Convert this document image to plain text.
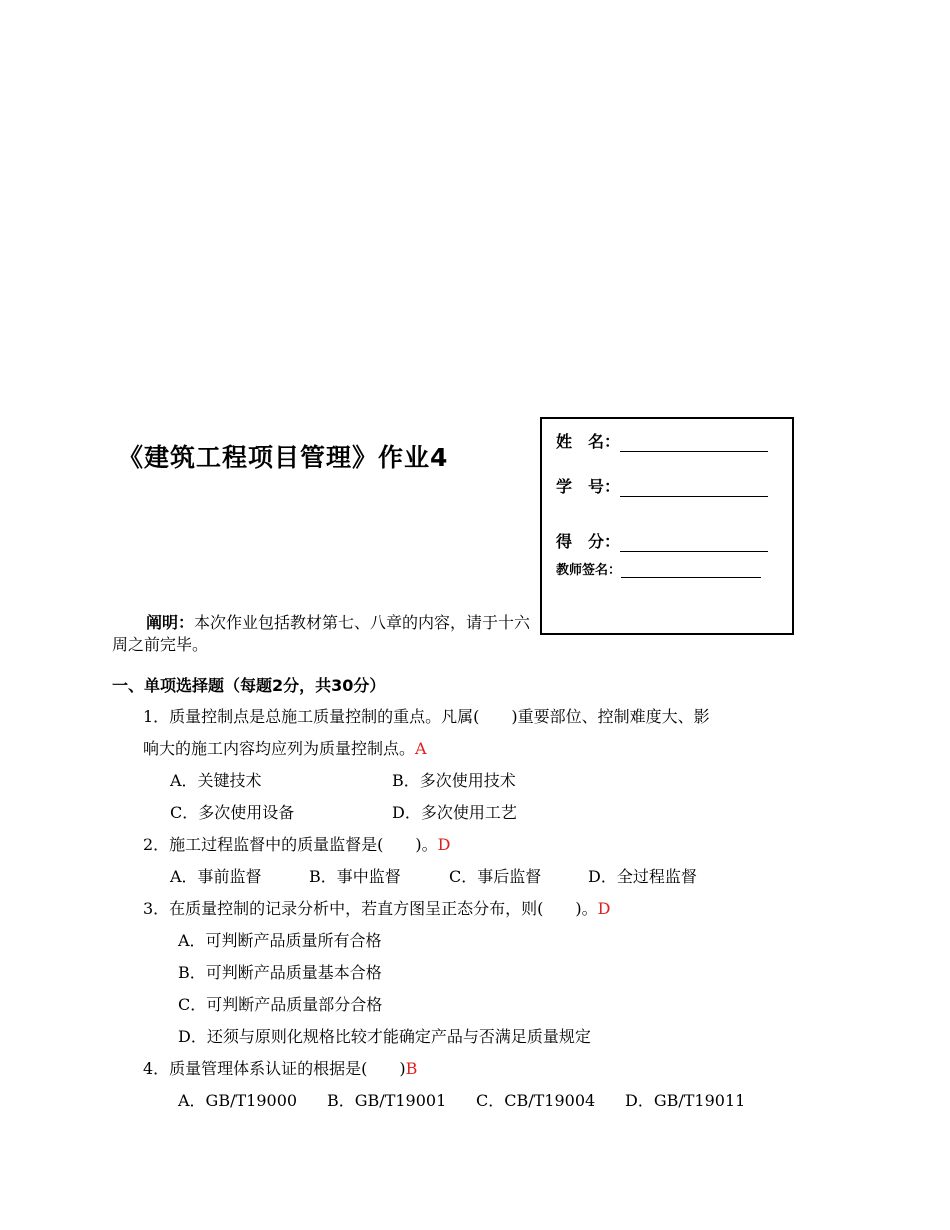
《建筑工程项目管理》作业4
姓　名：
学　号：
得　分：
教师签名：
阐明：本次作业包括教材第七、八章的内容，请于十六周之前完毕。
一、单项选择题（每题2分，共30分）
1．质量控制点是总施工质量控制的重点。凡属(　　)重要部位、控制难度大、影
响大的施工内容均应列为质量控制点。A
A．关键技术	B．多次使用技术
C．多次使用设备	D．多次使用工艺
2．施工过程监督中的质量监督是(　　)。D
A．事前监督	B．事中监督	C．事后监督	D．全过程监督
3．在质量控制的记录分析中，若直方图呈正态分布，则(　　)。D
A．可判断产品质量所有合格
B．可判断产品质量基本合格
C．可判断产品质量部分合格
D．还须与原则化规格比较才能确定产品与否满足质量规定
4．质量管理体系认证的根据是(　　)B
A．GB/T19000 B．GB/T19001 C．CB/T19004 D．GB/T19011
